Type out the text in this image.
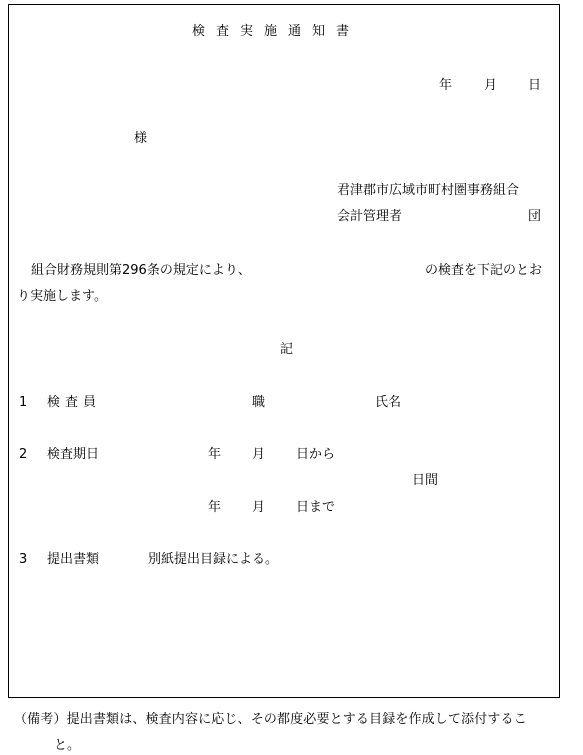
検査実施通知書
年 月 日
様
君津郡市広域市町村圏事務組合
会計管理者	団
組合財務規則第296条の規定により、	の検査を下記のとお
り実施します。
記
1 検査員	職	氏名
2 検査期日	年 月 日から
日間
年 月 日まで
3 提出書類	別紙提出目録による。
（備考）提出書類は、検査内容に応じ、その都度必要とする目録を作成して添付するこ
と。
